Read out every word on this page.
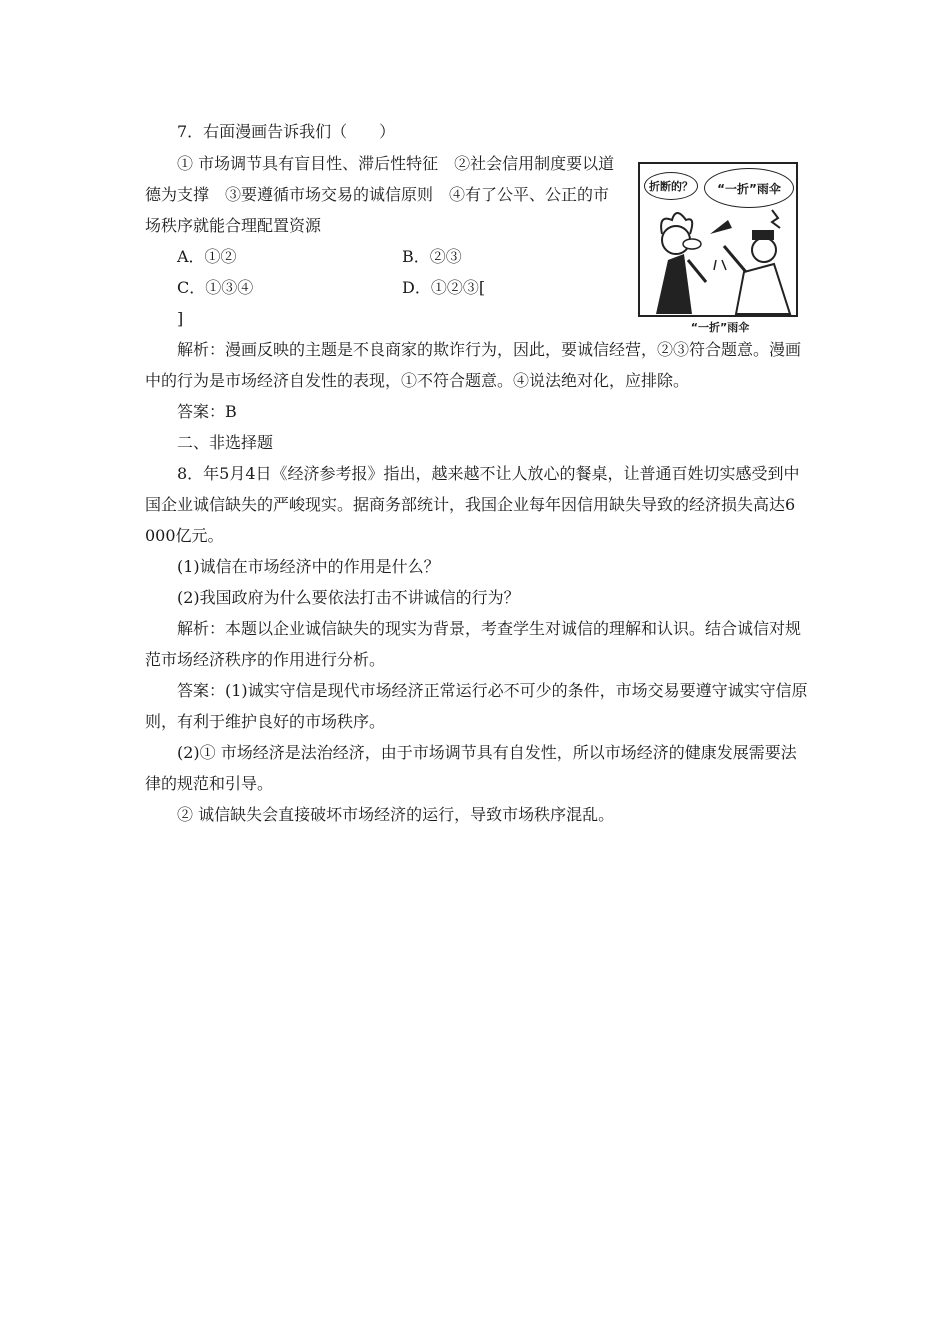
7．右面漫画告诉我们（　　）

① 市场调节具有盲目性、滞后性特征　②社会信用制度要以道德为支撑　③要遵循市场交易的诚信原则　④有了公平、公正的市场秩序就能合理配置资源

A．①②	B．②③
C．①③④	D．①②③[
]
折断的？	“一折”雨伞
“一折”雨伞

解析：漫画反映的主题是不良商家的欺诈行为，因此，要诚信经营，②③符合题意。漫画中的行为是市场经济自发性的表现，①不符合题意。④说法绝对化，应排除。

答案：B

二、非选择题

8．年5月4日《经济参考报》指出，越来越不让人放心的餐桌，让普通百姓切实感受到中国企业诚信缺失的严峻现实。据商务部统计，我国企业每年因信用缺失导致的经济损失高达6 000亿元。

(1)诚信在市场经济中的作用是什么？

(2)我国政府为什么要依法打击不讲诚信的行为？

解析：本题以企业诚信缺失的现实为背景，考查学生对诚信的理解和认识。结合诚信对规范市场经济秩序的作用进行分析。

答案：(1)诚实守信是现代市场经济正常运行必不可少的条件，市场交易要遵守诚实守信原则，有利于维护良好的市场秩序。

(2)① 市场经济是法治经济，由于市场调节具有自发性，所以市场经济的健康发展需要法律的规范和引导。

② 诚信缺失会直接破坏市场经济的运行，导致市场秩序混乱。
